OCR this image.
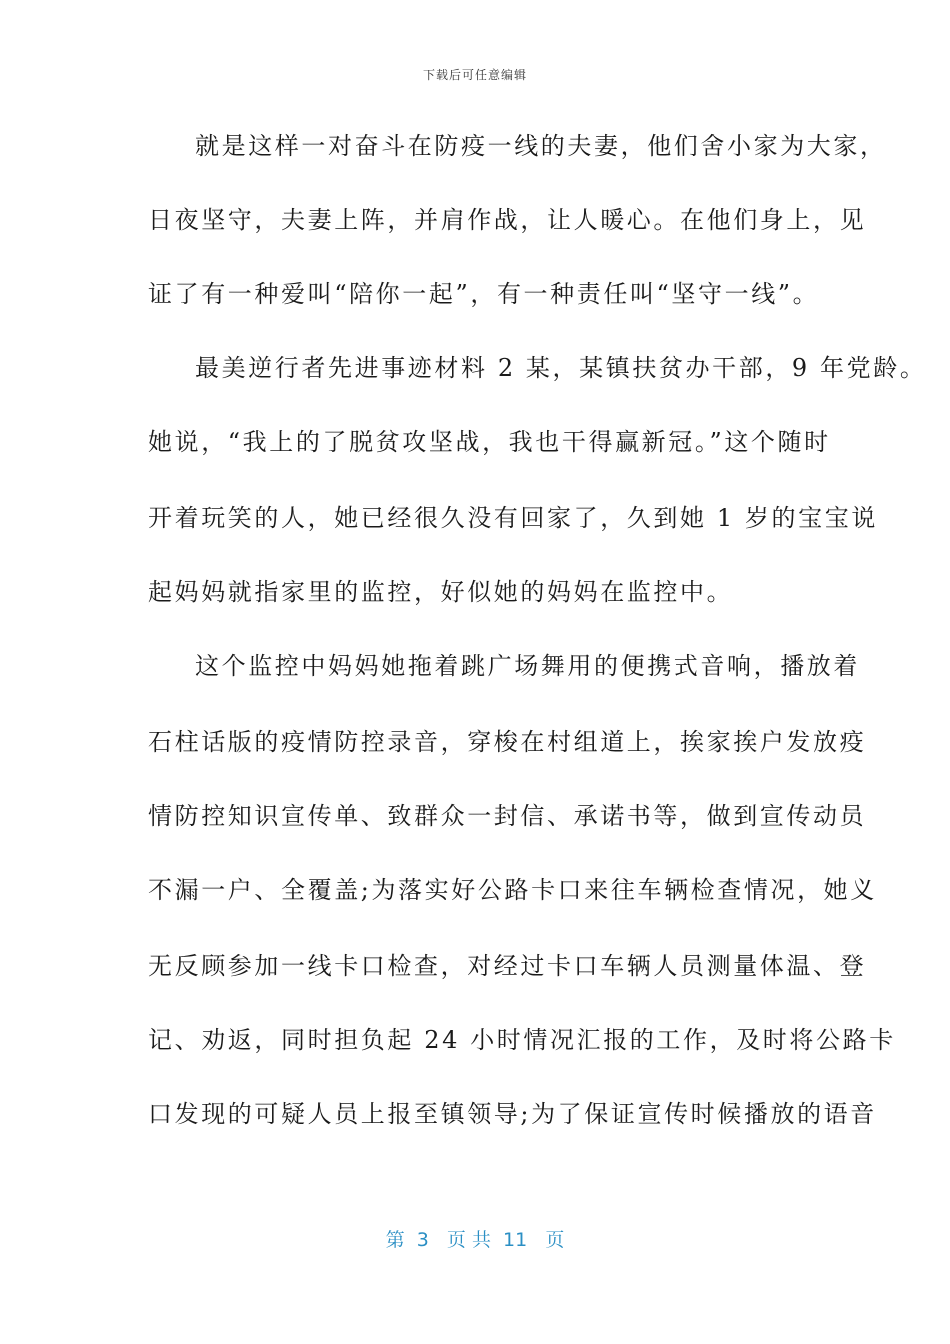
下载后可任意编辑
就是这样一对奋斗在防疫一线的夫妻，他们舍小家为大家，
日夜坚守，夫妻上阵，并肩作战，让人暖心。在他们身上，见
证了有一种爱叫“陪你一起”，有一种责任叫“坚守一线”。
最美逆行者先进事迹材料 2 某，某镇扶贫办干部，9 年党龄。
她说，“我上的了脱贫攻坚战，我也干得赢新冠。”这个随时
开着玩笑的人，她已经很久没有回家了，久到她 1 岁的宝宝说
起妈妈就指家里的监控，好似她的妈妈在监控中。
这个监控中妈妈她拖着跳广场舞用的便携式音响，播放着
石柱话版的疫情防控录音，穿梭在村组道上，挨家挨户发放疫
情防控知识宣传单、致群众一封信、承诺书等，做到宣传动员
不漏一户、全覆盖;为落实好公路卡口来往车辆检查情况，她义
无反顾参加一线卡口检查，对经过卡口车辆人员测量体温、登
记、劝返，同时担负起 24 小时情况汇报的工作，及时将公路卡
口发现的可疑人员上报至镇领导;为了保证宣传时候播放的语音
第  3   页 共  11   页
